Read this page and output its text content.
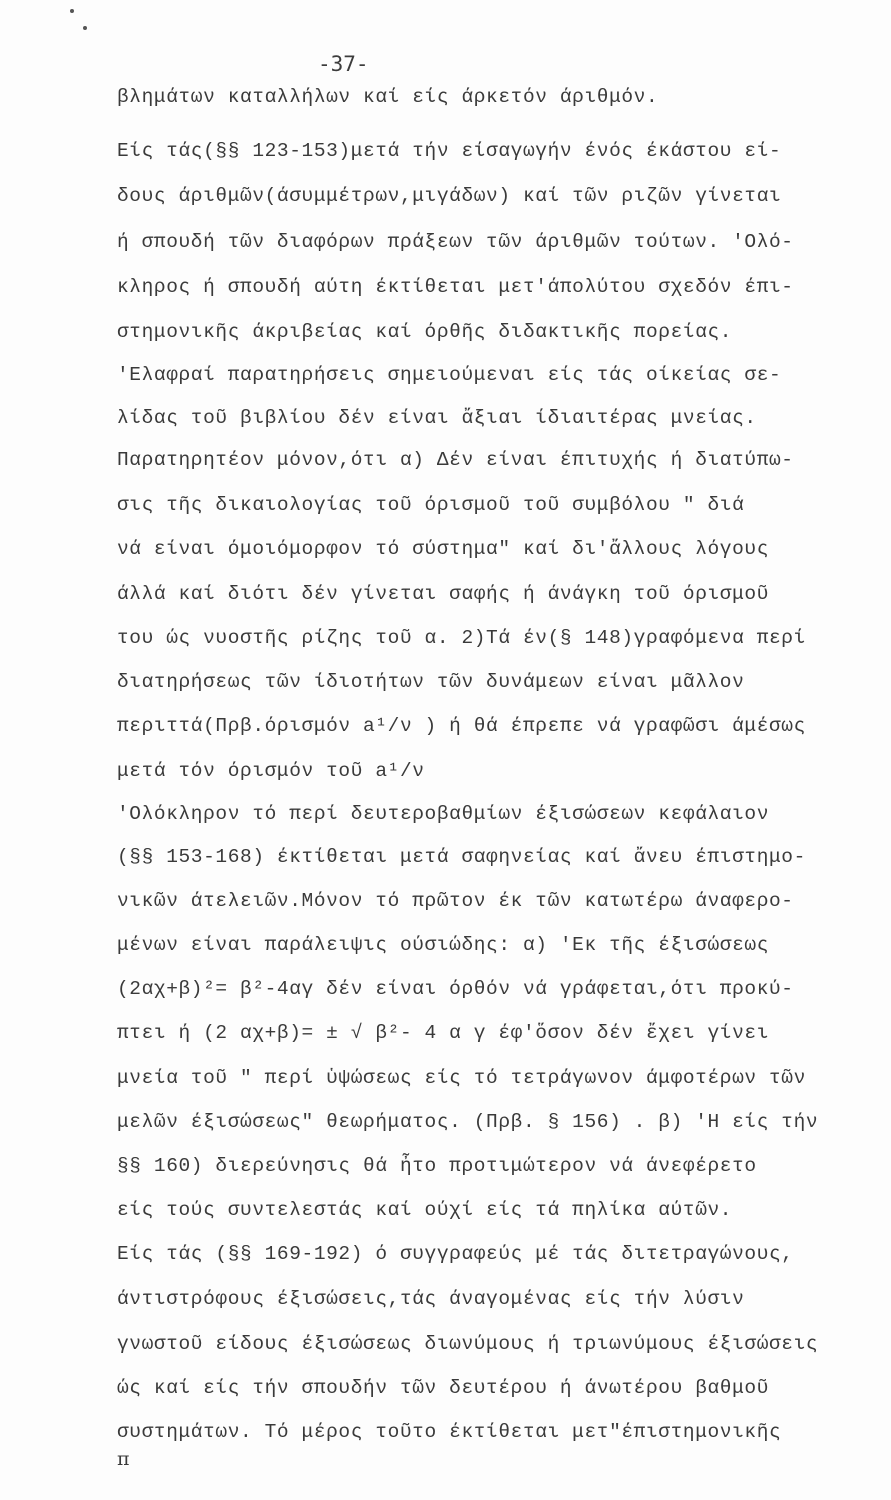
-37-
βλημάτων καταλλήλων καί είς άρκετόν άριθμόν.
Είς τάς(§§ 123-153)μετά τήν είσαγωγήν ένός έκάστου εί-
δους άριθμῶν(άσυμμέτρων,μιγάδων) καί τῶν ριζῶν γίνεται
ή σπουδή τῶν διαφόρων πράξεων τῶν άριθμῶν τούτων. 'Ολό-
κληρος ή σπουδή αύτη έκτίθεται μετ'άπολύτου σχεδόν έπι-
στημονικῆς άκριβείας καί όρθῆς διδακτικῆς πορείας.
'Ελαφραί παρατηρήσεις σημειούμεναι είς τάς οίκείας σε-
λίδας τοῦ βιβλίου δέν είναι ἄξιαι ίδιαιτέρας μνείας.
Παρατηρητέον μόνον,ότι α) Δέν είναι έπιτυχής ή διατύπω-
σις τῆς δικαιολογίας τοῦ όρισμοῦ τοῦ συμβόλου " διά
νά είναι όμοιόμορφον τό σύστημα" καί δι'ἄλλους λόγους
άλλά καί διότι δέν γίνεται σαφής ή άνάγκη τοῦ όρισμοῦ
του ώς νυοστῆς ρίζης τοῦ α. 2)Τά έν(§ 148)γραφόμενα περί
διατηρήσεως τῶν ίδιοτήτων τῶν δυνάμεων είναι μᾶλλον
περιττά(Πρβ.όρισμόν a¹/ν ) ή θά έπρεπε νά γραφῶσι άμέσως
μετά τόν όρισμόν τοῦ a¹/ν
'Ολόκληρον τό περί δευτεροβαθμίων έξισώσεων κεφάλαιον
(§§ 153-168) έκτίθεται μετά σαφηνείας καί ἄνευ έπιστημο-
νικῶν άτελειῶν.Μόνον τό πρῶτον έκ τῶν κατωτέρω άναφερο-
μένων είναι παράλειψις ούσιώδης: α) 'Εκ τῆς έξισώσεως
(2αχ+β)²= β²-4αγ δέν είναι όρθόν νά γράφεται,ότι προκύ-
πτει ή (2 αχ+β)= ± √ β²- 4 α γ έφ'ὅσον δέν ἔχει γίνει
μνεία τοῦ " περί ὑψώσεως είς τό τετράγωνον άμφοτέρων τῶν
μελῶν έξισώσεως" θεωρήματος. (Πρβ. § 156) . β) 'Η είς τήν
§§ 160) διερεύνησις θά ἦτο προτιμώτερον νά άνεφέρετο
είς τούς συντελεστάς καί ούχί είς τά πηλίκα αύτῶν.
Είς τάς (§§ 169-192) ό συγγραφεύς μέ τάς διτετραγώνους,
άντιστρόφους έξισώσεις,τάς άναγομένας είς τήν λύσιν
γνωστοῦ είδους έξισώσεως διωνύμους ή τριωνύμους έξισώσεις
ώς καί είς τήν σπουδήν τῶν δευτέρου ή άνωτέρου βαθμοῦ
συστημάτων. Τό μέρος τοῦτο έκτίθεται μετ"έπιστημονικῆς
π
